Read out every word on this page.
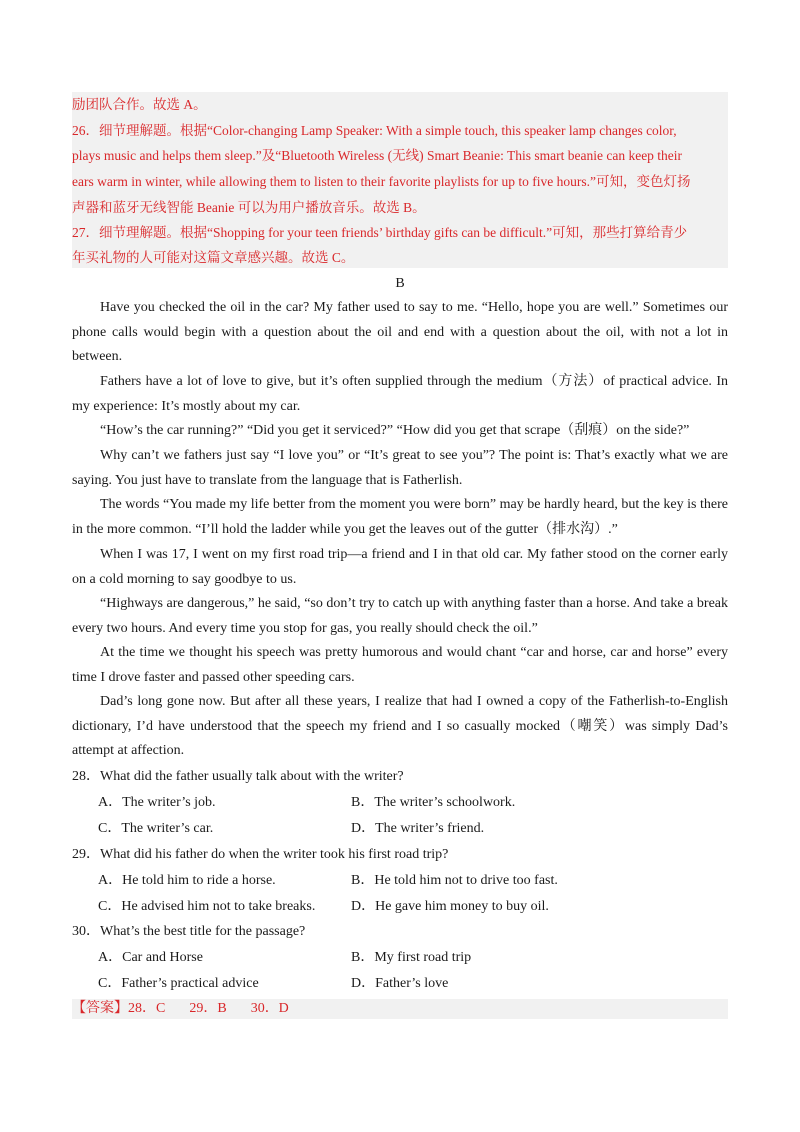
励团队合作。故选 A。
26．细节理解题。根据“Color-changing Lamp Speaker: With a simple touch, this speaker lamp changes color,
plays music and helps them sleep.”及“Bluetooth Wireless (无线) Smart Beanie: This smart beanie can keep their
ears warm in winter, while allowing them to listen to their favorite playlists for up to five hours.”可知，变色灯扬
声器和蓝牙无线智能 Beanie 可以为用户播放音乐。故选 B。
27．细节理解题。根据“Shopping for your teen friends’ birthday gifts can be difficult.”可知，那些打算给青少
年买礼物的人可能对这篇文章感兴趣。故选 C。
B

Have you checked the oil in the car? My father used to say to me. “Hello, hope you are well.” Sometimes our phone calls would begin with a question about the oil and end with a question about the oil, with not a lot in between.

Fathers have a lot of love to give, but it’s often supplied through the medium（方法）of practical advice. In my experience: It’s mostly about my car.

“How’s the car running?” “Did you get it serviced?” “How did you get that scrape（刮痕）on the side?”

Why can’t we fathers just say “I love you” or “It’s great to see you”? The point is: That’s exactly what we are saying. You just have to translate from the language that is Fatherlish.

The words “You made my life better from the moment you were born” may be hardly heard, but the key is there in the more common. “I’ll hold the ladder while you get the leaves out of the gutter（排水沟）.”

When I was 17, I went on my first road trip—a friend and I in that old car. My father stood on the corner early on a cold morning to say goodbye to us.

“Highways are dangerous,” he said, “so don’t try to catch up with anything faster than a horse. And take a break every two hours. And every time you stop for gas, you really should check the oil.”

At the time we thought his speech was pretty humorous and would chant “car and horse, car and horse” every time I drove faster and passed other speeding cars.

Dad’s long gone now. But after all these years, I realize that had I owned a copy of the Fatherlish-to-English dictionary, I’d have understood that the speech my friend and I so casually mocked（嘲笑）was simply Dad’s attempt at affection.

28．What did the father usually talk about with the writer?
A．The writer’s job.	B．The writer’s schoolwork.
C．The writer’s car.	D．The writer’s friend.
29．What did his father do when the writer took his first road trip?
A．He told him to ride a horse.	B．He told him not to drive too fast.
C．He advised him not to take breaks.	D．He gave him money to buy oil.
30．What’s the best title for the passage?
A．Car and Horse	B．My first road trip
C．Father’s practical advice	D．Father’s love
【答案】28．C 29．B 30．D
